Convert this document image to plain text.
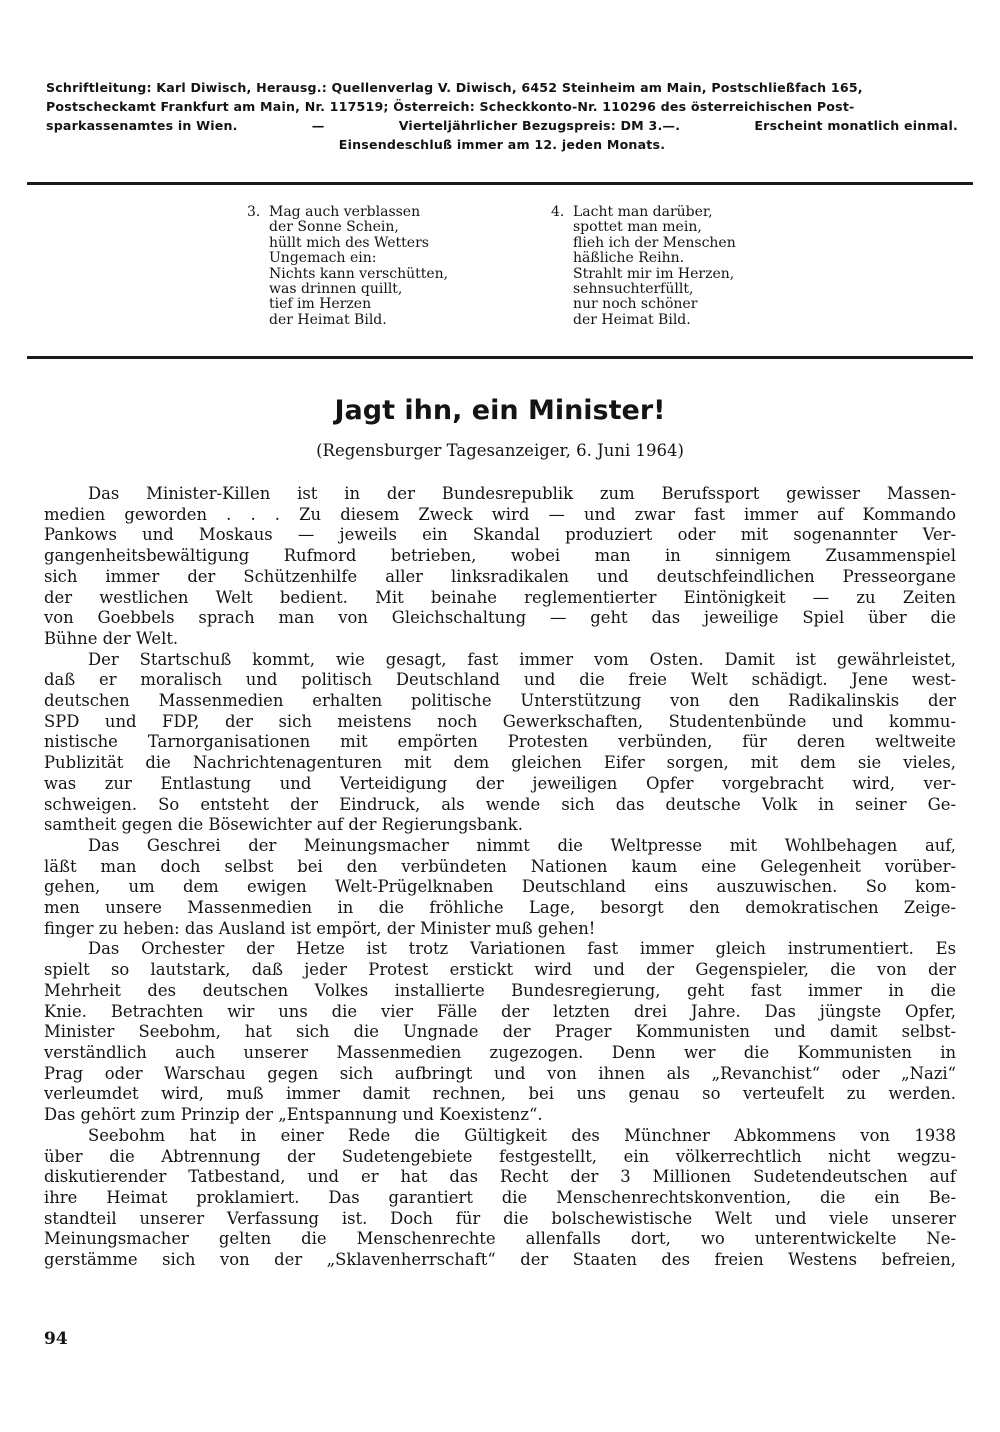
Schriftleitung: Karl Diwisch, Herausg.: Quellenverlag V. Diwisch, 6452 Steinheim am Main, Postschließfach 165,
Postscheckamt Frankfurt am Main, Nr. 117519; Österreich: Scheckkonto-Nr. 110296 des österreichischen Post-
sparkassenamtes in Wien.	—	Vierteljährlicher Bezugspreis: DM 3.—.	Erscheint monatlich einmal.
Einsendeschluß immer am 12. jeden Monats.
3. Mag auch verblassen
der Sonne Schein,
hüllt mich des Wetters
Ungemach ein:
Nichts kann verschütten,
was drinnen quillt,
tief im Herzen
der Heimat Bild.
4. Lacht man darüber,
spottet man mein,
flieh ich der Menschen
häßliche Reihn.
Strahlt mir im Herzen,
sehnsuchterfüllt,
nur noch schöner
der Heimat Bild.
Jagt ihn, ein Minister!
(Regensburger Tagesanzeiger, 6. Juni 1964)
Das Minister-Killen ist in der Bundesrepublik zum Berufssport gewisser Massen-
medien geworden . . . Zu diesem Zweck wird — und zwar fast immer auf Kommando
Pankows und Moskaus — jeweils ein Skandal produziert oder mit sogenannter Ver-
gangenheitsbewältigung Rufmord betrieben, wobei man in sinnigem Zusammenspiel
sich immer der Schützenhilfe aller linksradikalen und deutschfeindlichen Presseorgane
der westlichen Welt bedient. Mit beinahe reglementierter Eintönigkeit — zu Zeiten
von Goebbels sprach man von Gleichschaltung — geht das jeweilige Spiel über die
Bühne der Welt.
Der Startschuß kommt, wie gesagt, fast immer vom Osten. Damit ist gewährleistet,
daß er moralisch und politisch Deutschland und die freie Welt schädigt. Jene west-
deutschen Massenmedien erhalten politische Unterstützung von den Radikalinskis der
SPD und FDP, der sich meistens noch Gewerkschaften, Studentenbünde und kommu-
nistische Tarnorganisationen mit empörten Protesten verbünden, für deren weltweite
Publizität die Nachrichtenagenturen mit dem gleichen Eifer sorgen, mit dem sie vieles,
was zur Entlastung und Verteidigung der jeweiligen Opfer vorgebracht wird, ver-
schweigen. So entsteht der Eindruck, als wende sich das deutsche Volk in seiner Ge-
samtheit gegen die Bösewichter auf der Regierungsbank.
Das Geschrei der Meinungsmacher nimmt die Weltpresse mit Wohlbehagen auf,
läßt man doch selbst bei den verbündeten Nationen kaum eine Gelegenheit vorüber-
gehen, um dem ewigen Welt-Prügelknaben Deutschland eins auszuwischen. So kom-
men unsere Massenmedien in die fröhliche Lage, besorgt den demokratischen Zeige-
finger zu heben: das Ausland ist empört, der Minister muß gehen!
Das Orchester der Hetze ist trotz Variationen fast immer gleich instrumentiert. Es
spielt so lautstark, daß jeder Protest erstickt wird und der Gegenspieler, die von der
Mehrheit des deutschen Volkes installierte Bundesregierung, geht fast immer in die
Knie. Betrachten wir uns die vier Fälle der letzten drei Jahre. Das jüngste Opfer,
Minister Seebohm, hat sich die Ungnade der Prager Kommunisten und damit selbst-
verständlich auch unserer Massenmedien zugezogen. Denn wer die Kommunisten in
Prag oder Warschau gegen sich aufbringt und von ihnen als „Revanchist“ oder „Nazi“
verleumdet wird, muß immer damit rechnen, bei uns genau so verteufelt zu werden.
Das gehört zum Prinzip der „Entspannung und Koexistenz“.
Seebohm hat in einer Rede die Gültigkeit des Münchner Abkommens von 1938
über die Abtrennung der Sudetengebiete festgestellt, ein völkerrechtlich nicht wegzu-
diskutierender Tatbestand, und er hat das Recht der 3 Millionen Sudetendeutschen auf
ihre Heimat proklamiert. Das garantiert die Menschenrechtskonvention, die ein Be-
standteil unserer Verfassung ist. Doch für die bolschewistische Welt und viele unserer
Meinungsmacher gelten die Menschenrechte allenfalls dort, wo unterentwickelte Ne-
gerstämme sich von der „Sklavenherrschaft“ der Staaten des freien Westens befreien,
94
